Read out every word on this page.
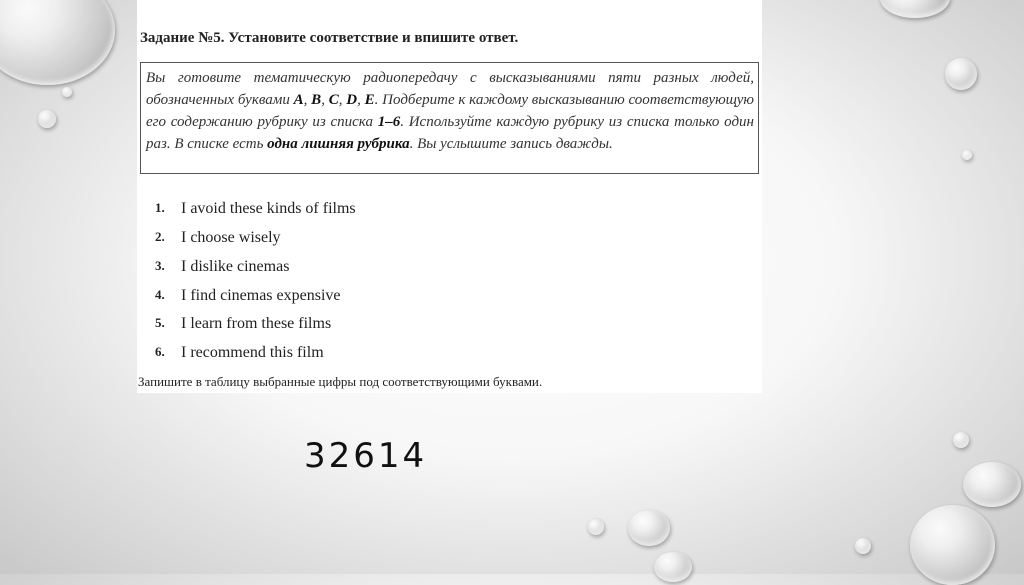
Задание №5. Установите соответствие и впишите ответ.
Вы готовите тематическую радиопередачу с высказываниями пяти разных людей, обозначенных буквами А, В, С, D, Е. Подберите к каждому высказыванию соответствующую его содержанию рубрику из списка 1–6. Используйте каждую рубрику из списка только один раз. В списке есть одна лишняя рубрика. Вы услышите запись дважды.
1. I avoid these kinds of films
2. I choose wisely
3. I dislike cinemas
4. I find cinemas expensive
5. I learn from these films
6. I recommend this film
Запишите в таблицу выбранные цифры под соответствующими буквами.
32614
